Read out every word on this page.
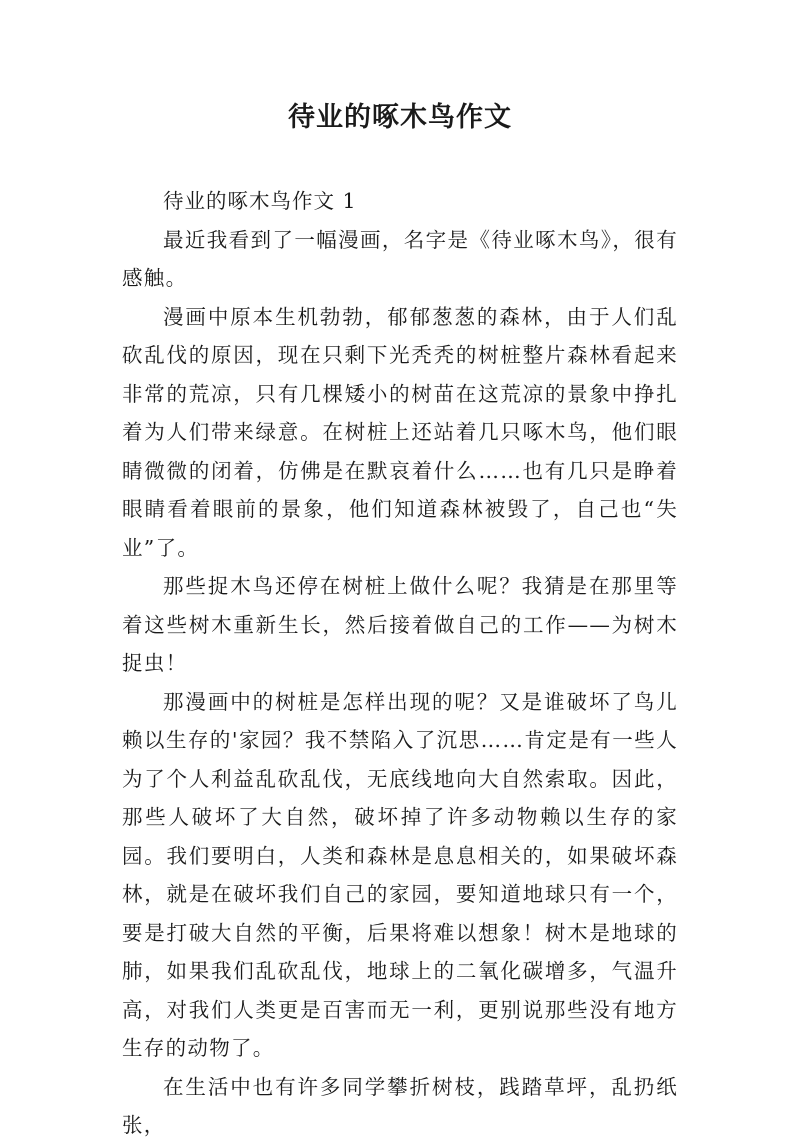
待业的啄木鸟作文

待业的啄木鸟作文 1

最近我看到了一幅漫画，名字是《待业啄木鸟》，很有感触。

漫画中原本生机勃勃，郁郁葱葱的森林，由于人们乱砍乱伐的原因，现在只剩下光秃秃的树桩整片森林看起来非常的荒凉，只有几棵矮小的树苗在这荒凉的景象中挣扎着为人们带来绿意。在树桩上还站着几只啄木鸟，他们眼睛微微的闭着，仿佛是在默哀着什么……也有几只是睁着眼睛看着眼前的景象，他们知道森林被毁了，自己也“失业”了。

那些捉木鸟还停在树桩上做什么呢？我猜是在那里等着这些树木重新生长，然后接着做自己的工作——为树木捉虫！

那漫画中的树桩是怎样出现的呢？又是谁破坏了鸟儿赖以生存的'家园？我不禁陷入了沉思……肯定是有一些人为了个人利益乱砍乱伐，无底线地向大自然索取。因此，那些人破坏了大自然，破坏掉了许多动物赖以生存的家园。我们要明白，人类和森林是息息相关的，如果破坏森林，就是在破坏我们自己的家园，要知道地球只有一个，要是打破大自然的平衡，后果将难以想象！树木是地球的肺，如果我们乱砍乱伐，地球上的二氧化碳增多，气温升高，对我们人类更是百害而无一利，更别说那些没有地方生存的动物了。

在生活中也有许多同学攀折树枝，践踏草坪，乱扔纸张，
